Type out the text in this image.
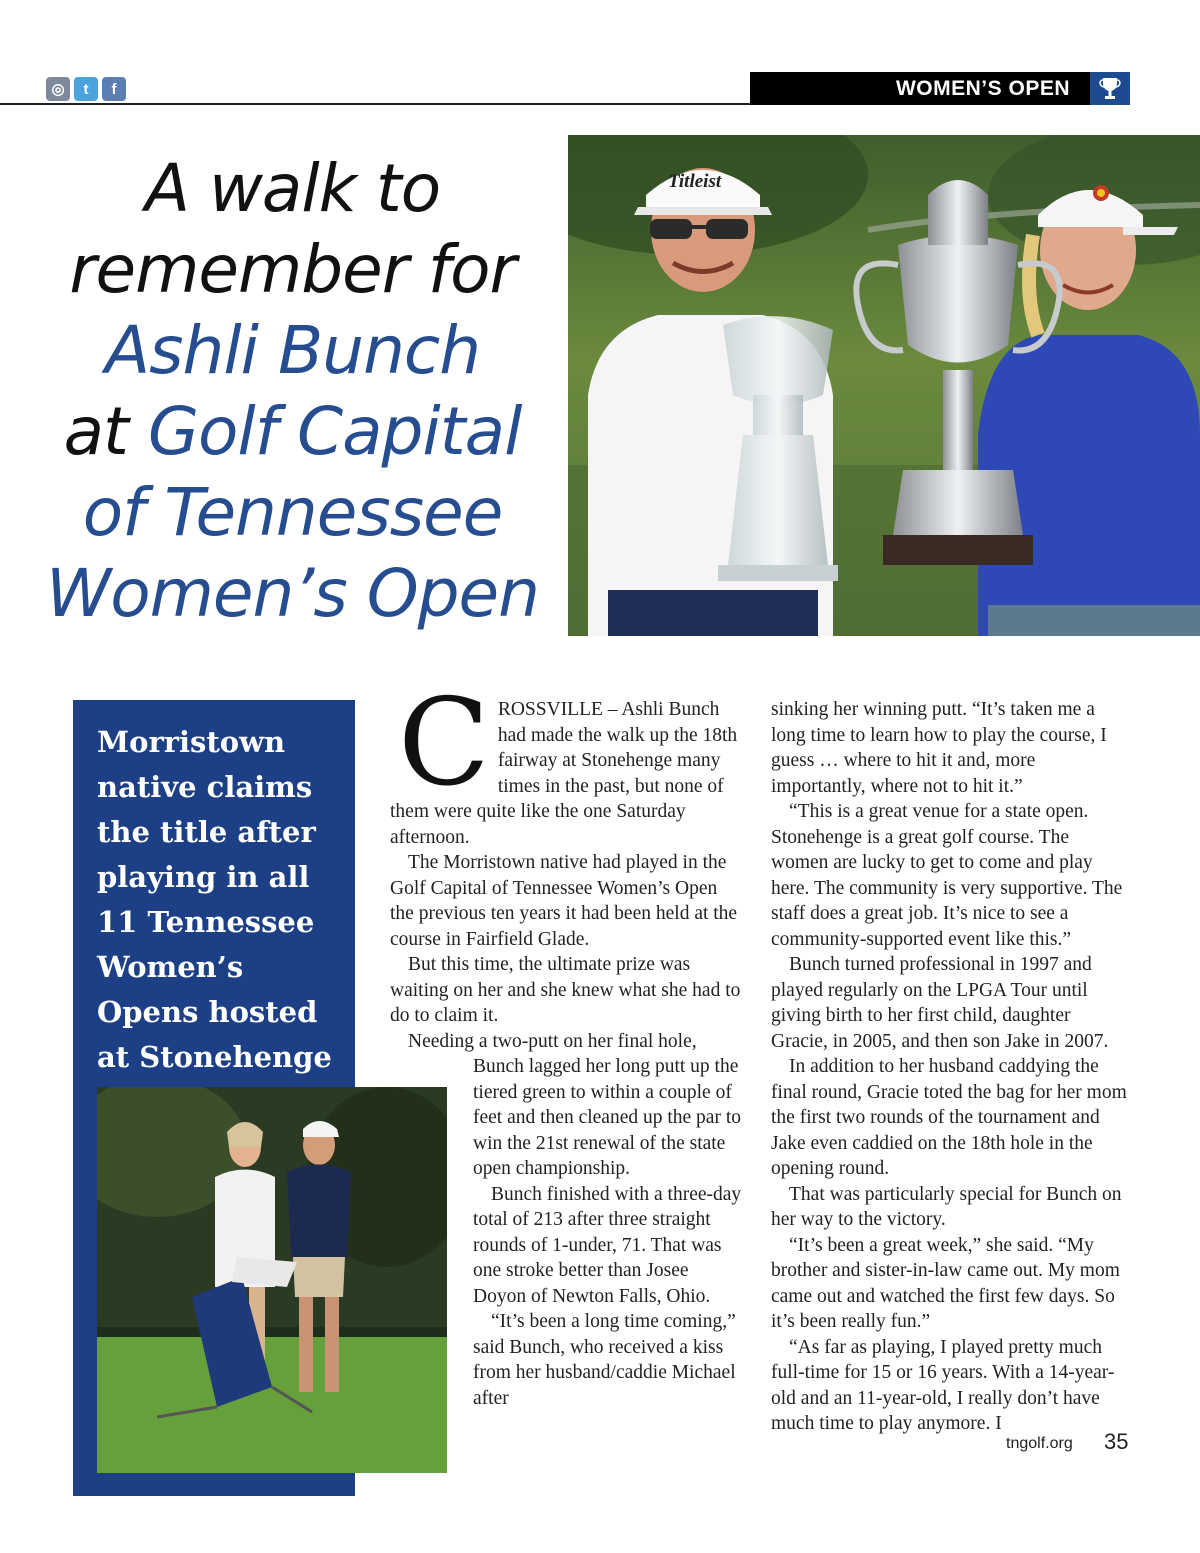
◎	t	f	WOMEN’S OPEN
A walk to
remember for
Ashli Bunch
at Golf Capital
of Tennessee
Women’s Open
Titleist
Morristown native claims the title after playing in all 11 Tennessee Women’s Opens hosted at Stonehenge
C ROSSVILLE – Ashli Bunch had made the walk up the 18th fairway at Stonehenge many times in the past, but none of them were quite like the one Saturday afternoon.

The Morristown native had played in the Golf Capital of Tennessee Women’s Open the previous ten years it had been held at the course in Fairfield Glade.

But this time, the ultimate prize was waiting on her and she knew what she had to do to claim it.

Needing a two-putt on her final hole,

Bunch lagged her long putt up the tiered green to within a couple of feet and then cleaned up the par to win the 21st renewal of the state open championship.

Bunch finished with a three-day total of 213 after three straight rounds of 1-under, 71. That was one stroke better than Josee Doyon of Newton Falls, Ohio.

“It’s been a long time coming,” said Bunch, who received a kiss from her husband/caddie Michael after

sinking her winning putt. “It’s taken me a long time to learn how to play the course, I guess … where to hit it and, more importantly, where not to hit it.”

“This is a great venue for a state open. Stonehenge is a great golf course. The women are lucky to get to come and play here. The community is very supportive. The staff does a great job. It’s nice to see a community-supported event like this.”

Bunch turned professional in 1997 and played regularly on the LPGA Tour until giving birth to her first child, daughter Gracie, in 2005, and then son Jake in 2007.

In addition to her husband caddying the final round, Gracie toted the bag for her mom the first two rounds of the tournament and Jake even caddied on the 18th hole in the opening round.

That was particularly special for Bunch on her way to the victory.

“It’s been a great week,” she said. “My brother and sister-in-law came out. My mom came out and watched the first few days. So it’s been really fun.”

“As far as playing, I played pretty much full-time for 15 or 16 years. With a 14-year-old and an 11-year-old, I really don’t have much time to play anymore. I

tngolf.org 35
